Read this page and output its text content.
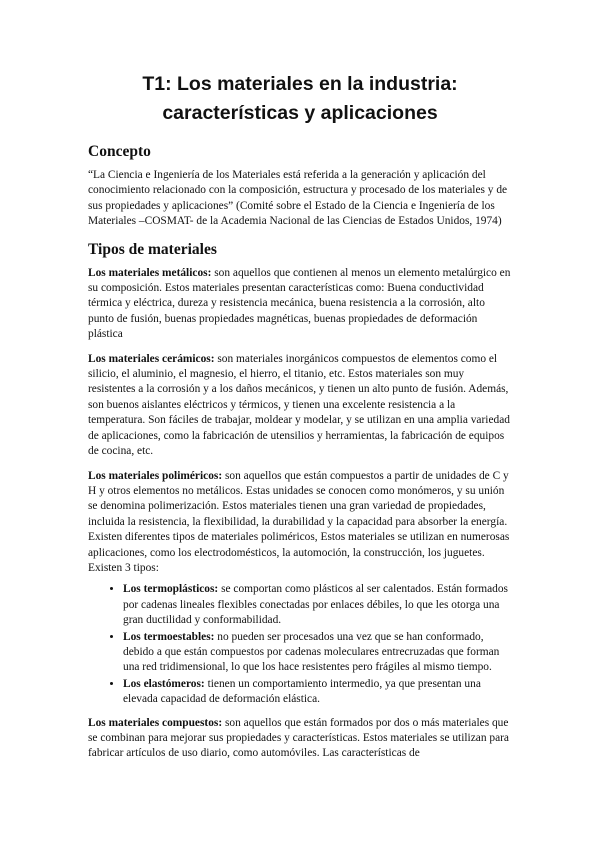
T1: Los materiales en la industria: características y aplicaciones
Concepto

“La Ciencia e Ingeniería de los Materiales está referida a la generación y aplicación del conocimiento relacionado con la composición, estructura y procesado de los materiales y de sus propiedades y aplicaciones” (Comité sobre el Estado de la Ciencia e Ingeniería de los Materiales –COSMAT- de la Academia Nacional de las Ciencias de Estados Unidos, 1974)

Tipos de materiales

Los materiales metálicos: son aquellos que contienen al menos un elemento metalúrgico en su composición. Estos materiales presentan características como: Buena conductividad térmica y eléctrica, dureza y resistencia mecánica, buena resistencia a la corrosión, alto punto de fusión, buenas propiedades magnéticas, buenas propiedades de deformación plástica

Los materiales cerámicos: son materiales inorgánicos compuestos de elementos como el silicio, el aluminio, el magnesio, el hierro, el titanio, etc. Estos materiales son muy resistentes a la corrosión y a los daños mecánicos, y tienen un alto punto de fusión. Además, son buenos aislantes eléctricos y térmicos, y tienen una excelente resistencia a la temperatura. Son fáciles de trabajar, moldear y modelar, y se utilizan en una amplia variedad de aplicaciones, como la fabricación de utensilios y herramientas, la fabricación de equipos de cocina, etc.

Los materiales poliméricos: son aquellos que están compuestos a partir de unidades de C y H y otros elementos no metálicos. Estas unidades se conocen como monómeros, y su unión se denomina polimerización. Estos materiales tienen una gran variedad de propiedades, incluida la resistencia, la flexibilidad, la durabilidad y la capacidad para absorber la energía. Existen diferentes tipos de materiales poliméricos, Estos materiales se utilizan en numerosas aplicaciones, como los electrodomésticos, la automoción, la construcción, los juguetes. Existen 3 tipos:

• Los termoplásticos: se comportan como plásticos al ser calentados. Están formados por cadenas lineales flexibles conectadas por enlaces débiles, lo que les otorga una gran ductilidad y conformabilidad.
• Los termoestables: no pueden ser procesados una vez que se han conformado, debido a que están compuestos por cadenas moleculares entrecruzadas que forman una red tridimensional, lo que los hace resistentes pero frágiles al mismo tiempo.
• Los elastómeros: tienen un comportamiento intermedio, ya que presentan una elevada capacidad de deformación elástica.

Los materiales compuestos: son aquellos que están formados por dos o más materiales que se combinan para mejorar sus propiedades y características. Estos materiales se utilizan para fabricar artículos de uso diario, como automóviles. Las características de
